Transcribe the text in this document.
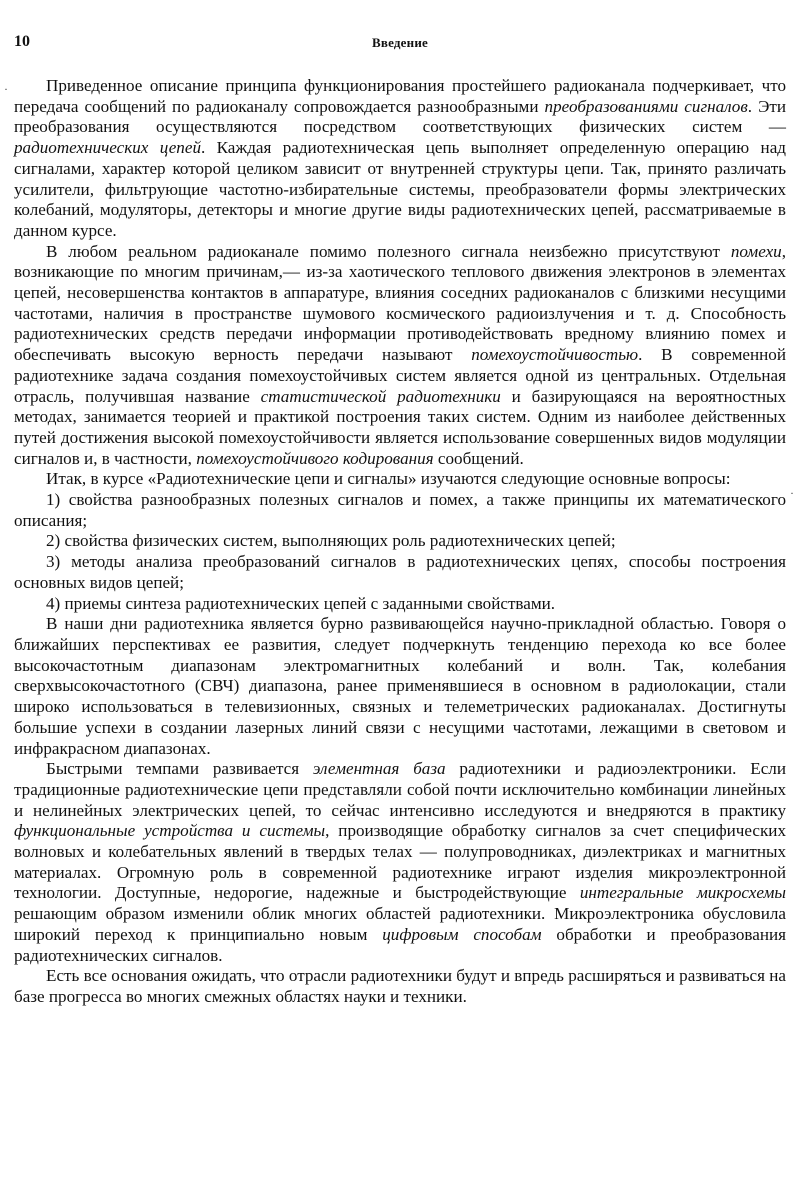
10	Введение
·
·

Приведенное описание принципа функционирования простейшего радиоканала подчеркивает, что передача сообщений по радиоканалу сопровождается разнообразными преобразованиями сигналов. Эти преобразования осуществляются посредством соответствующих физических систем — радиотехнических цепей. Каждая радиотехническая цепь выполняет определенную операцию над сигналами, характер которой целиком зависит от внутренней структуры цепи. Так, принято различать усилители, фильтрующие частотно-избирательные системы, преобразователи формы электрических колебаний, модуляторы, детекторы и многие другие виды радиотехнических цепей, рассматриваемые в данном курсе.

В любом реальном радиоканале помимо полезного сигнала неизбежно присутствуют помехи, возникающие по многим причинам,— из-за хаотического теплового движения электронов в элементах цепей, несовершенства контактов в аппаратуре, влияния соседних радиоканалов с близкими несущими частотами, наличия в пространстве шумового космического радиоизлучения и т. д. Способность радиотехнических средств передачи информации противодействовать вредному влиянию помех и обеспечивать высокую верность передачи называют помехоустойчивостью. В современной радиотехнике задача создания помехоустойчивых систем является одной из центральных. Отдельная отрасль, получившая название статистической радиотехники и базирующаяся на вероятностных методах, занимается теорией и практикой построения таких систем. Одним из наиболее действенных путей достижения высокой помехоустойчивости является использование совершенных видов модуляции сигналов и, в частности, помехоустойчивого кодирования сообщений.

Итак, в курсе «Радиотехнические цепи и сигналы» изучаются следующие основные вопросы:

1) свойства разнообразных полезных сигналов и помех, а также принципы их математического описания;

2) свойства физических систем, выполняющих роль радиотехнических цепей;

3) методы анализа преобразований сигналов в радиотехнических цепях, способы построения основных видов цепей;

4) приемы синтеза радиотехнических цепей с заданными свойствами.

В наши дни радиотехника является бурно развивающейся научно-прикладной областью. Говоря о ближайших перспективах ее развития, следует подчеркнуть тенденцию перехода ко все более высокочастотным диапазонам электромагнитных колебаний и волн. Так, колебания сверхвысокочастотного (СВЧ) диапазона, ранее применявшиеся в основном в радиолокации, стали широко использоваться в телевизионных, связных и телеметрических радиоканалах. Достигнуты большие успехи в создании лазерных линий связи с несущими частотами, лежащими в световом и инфракрасном диапазонах.

Быстрыми темпами развивается элементная база радиотехники и радиоэлектроники. Если традиционные радиотехнические цепи представляли собой почти исключительно комбинации линейных и нелинейных электрических цепей, то сейчас интенсивно исследуются и внедряются в практику функциональные устройства и системы, производящие обработку сигналов за счет специфических волновых и колебательных явлений в твердых телах — полупроводниках, диэлектриках и магнитных материалах. Огромную роль в современной радиотехнике играют изделия микроэлектронной технологии. Доступные, недорогие, надежные и быстродействующие интегральные микросхемы решающим образом изменили облик многих областей радиотехники. Микроэлектроника обусловила широкий переход к принципиально новым цифровым способам обработки и преобразования радиотехнических сигналов.

Есть все основания ожидать, что отрасли радиотехники будут и впредь расширяться и развиваться на базе прогресса во многих смежных областях науки и техники.
